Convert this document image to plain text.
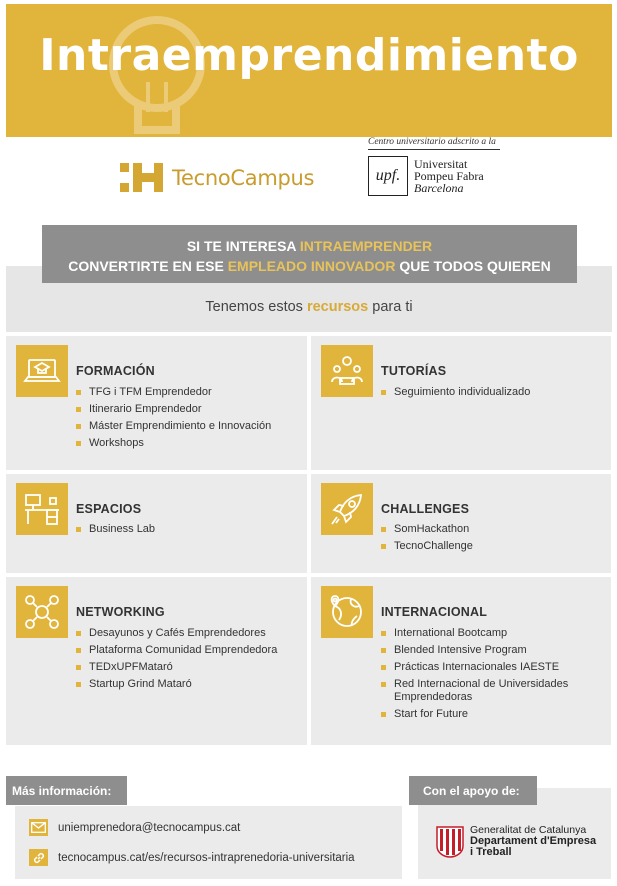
Intraemprendimiento
TecnoCampus
Centro universitario adscrito a la
upf.
Universitat
Pompeu Fabra
Barcelona
SI TE INTERESA INTRAEMPRENDER
CONVERTIRTE EN ESE EMPLEADO INNOVADOR QUE TODOS QUIEREN
Tenemos estos recursos para ti
FORMACIÓN
TFG i TFM Emprendedor
Itinerario Emprendedor
Máster Emprendimiento e Innovación
Workshops
TUTORÍAS
Seguimiento individualizado
ESPACIOS
Business Lab
CHALLENGES
SomHackathon
TecnoChallenge
NETWORKING
Desayunos y Cafés Emprendedores
Plataforma Comunidad Emprendedora
TEDxUPFMataró
Startup Grind Mataró
INTERNACIONAL
International Bootcamp
Blended Intensive Program
Prácticas Internacionales IAESTE
Red Internacional de Universidades Emprendedoras
Start for Future
uniemprenedora@tecnocampus.cat
tecnocampus.cat/es/recursos-intraprenedoria-universitaria
Más información:	Con el apoyo de:
Generalitat de Catalunya
Departament d'Empresa
i Treball
